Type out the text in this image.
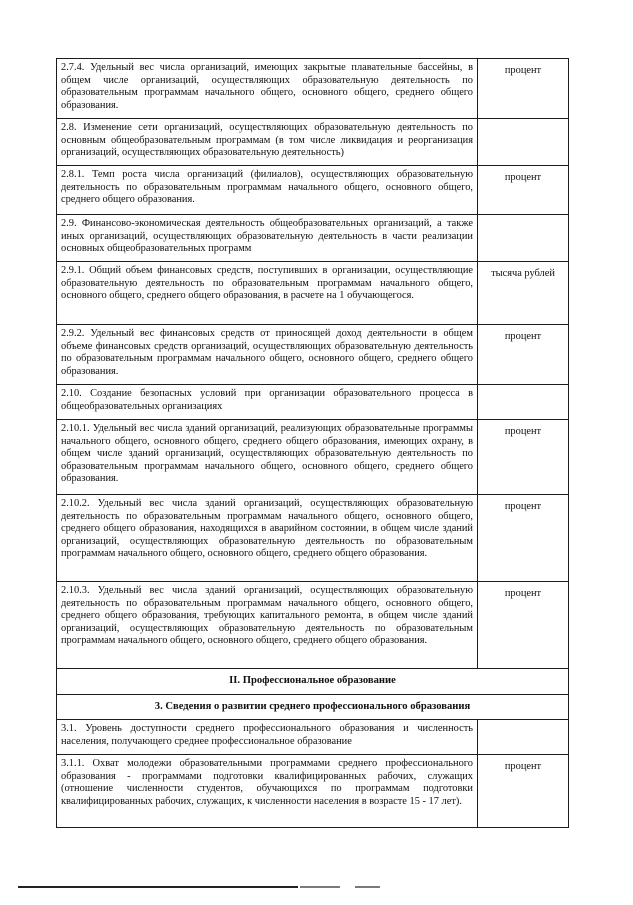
2.7.4. Удельный вес числа организаций, имеющих закрытые плавательные бассейны, в общем числе организаций, осуществляющих образовательную деятельность по образовательным программам начального общего, основного общего, среднего общего образования.	процент
2.8. Изменение сети организаций, осуществляющих образовательную деятельность по основным общеобразовательным программам (в том числе ликвидация и реорганизация организаций, осуществляющих образовательную деятельность)	
2.8.1. Темп роста числа организаций (филиалов), осуществляющих образовательную деятельность по образовательным программам начального общего, основного общего, среднего общего образования.	процент
2.9. Финансово-экономическая деятельность общеобразовательных организаций, а также иных организаций, осуществляющих образовательную деятельность в части реализации основных общеобразовательных программ	
2.9.1. Общий объем финансовых средств, поступивших в организации, осуществляющие образовательную деятельность по образовательным программам начального общего, основного общего, среднего общего образования, в расчете на 1 обучающегося.	тысяча рублей
2.9.2. Удельный вес финансовых средств от приносящей доход деятельности в общем объеме финансовых средств организаций, осуществляющих образовательную деятельность по образовательным программам начального общего, основного общего, среднего общего образования.	процент
2.10. Создание безопасных условий при организации образовательного процесса в общеобразовательных организациях	
2.10.1. Удельный вес числа зданий организаций, реализующих образовательные программы начального общего, основного общего, среднего общего образования, имеющих охрану, в общем числе зданий организаций, осуществляющих образовательную деятельность по образовательным программам начального общего, основного общего, среднего общего образования.	процент
2.10.2. Удельный вес числа зданий организаций, осуществляющих образовательную деятельность по образовательным программам начального общего, основного общего, среднего общего образования, находящихся в аварийном состоянии, в общем числе зданий организаций, осуществляющих образовательную деятельность по образовательным программам начального общего, основного общего, среднего общего образования.	процент
2.10.3. Удельный вес числа зданий организаций, осуществляющих образовательную деятельность по образовательным программам начального общего, основного общего, среднего общего образования, требующих капитального ремонта, в общем числе зданий организаций, осуществляющих образовательную деятельность по образовательным программам начального общего, основного общего, среднего общего образования.	процент
II. Профессиональное образование	
3. Сведения о развитии среднего профессионального образования	
3.1. Уровень доступности среднего профессионального образования и численность населения, получающего среднее профессиональное образование	
3.1.1. Охват молодежи образовательными программами среднего профессионального образования - программами подготовки квалифицированных рабочих, служащих (отношение численности студентов, обучающихся по программам подготовки квалифицированных рабочих, служащих, к численности населения в возрасте 15 - 17 лет).	процент
